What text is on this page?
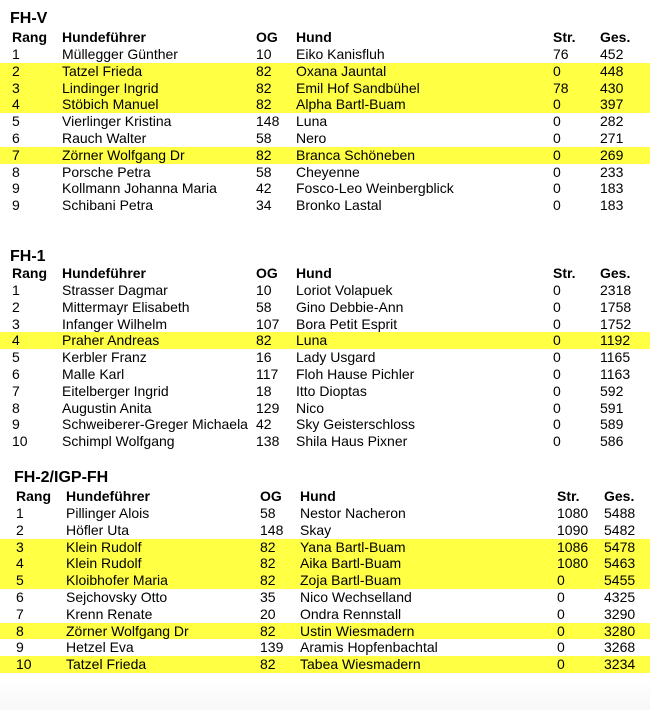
FH-V
Rang Hundeführer	OG Hund	Str. Ges.
1	Müllegger Günther	10 Eiko Kanisfluh	76 452
2	Tatzel Frieda	82 Oxana Jauntal	0	448
3	Lindinger Ingrid	82 Emil Hof Sandbühel	78 430
4	Stöbich Manuel	82 Alpha Bartl-Buam	0	397
5	Vierlinger Kristina	148 Luna	0	282
6	Rauch Walter	58 Nero	0	271
7	Zörner Wolfgang Dr	82 Branca Schöneben	0	269
8	Porsche Petra	58 Cheyenne	0	233
9	Kollmann Johanna Maria	42 Fosco-Leo Weinbergblick	0	183
9	Schibani Petra	34 Bronko Lastal	0	183
FH-1
Rang Hundeführer	OG Hund	Str. Ges.
1	Strasser Dagmar	10 Loriot Volapuek	0	2318
2	Mittermayr Elisabeth	58 Gino Debbie-Ann	0	1758
3	Infanger Wilhelm	107 Bora Petit Esprit	0	1752
4	Praher Andreas	82 Luna	0	1192
5	Kerbler Franz	16 Lady Usgard	0	1165
6	Malle Karl	117 Floh Hause Pichler	0	1163
7	Eitelberger Ingrid	18 Itto Dioptas	0	592
8	Augustin Anita	129 Nico	0	591
9	Schweiberer-Greger Michaela 42 Sky Geisterschloss	0	589
10 Schimpl Wolfgang	138 Shila Haus Pixner	0	586
FH-2/IGP-FH
Rang Hundeführer	OG Hund	Str. Ges.
1	Pillinger Alois	58 Nestor Nacheron	1080 5488
2	Höfler Uta	148 Skay	1090 5482
3	Klein Rudolf	82 Yana Bartl-Buam	1086 5478
4	Klein Rudolf	82 Aika Bartl-Buam	1080 5463
5	Kloibhofer Maria	82 Zoja Bartl-Buam	0	5455
6	Sejchovsky Otto	35 Nico Wechselland	0	4325
7	Krenn Renate	20 Ondra Rennstall	0	3290
8	Zörner Wolfgang Dr	82 Ustin Wiesmadern	0	3280
9	Hetzel Eva	139 Aramis Hopfenbachtal	0	3268
10 Tatzel Frieda	82 Tabea Wiesmadern	0	3234
